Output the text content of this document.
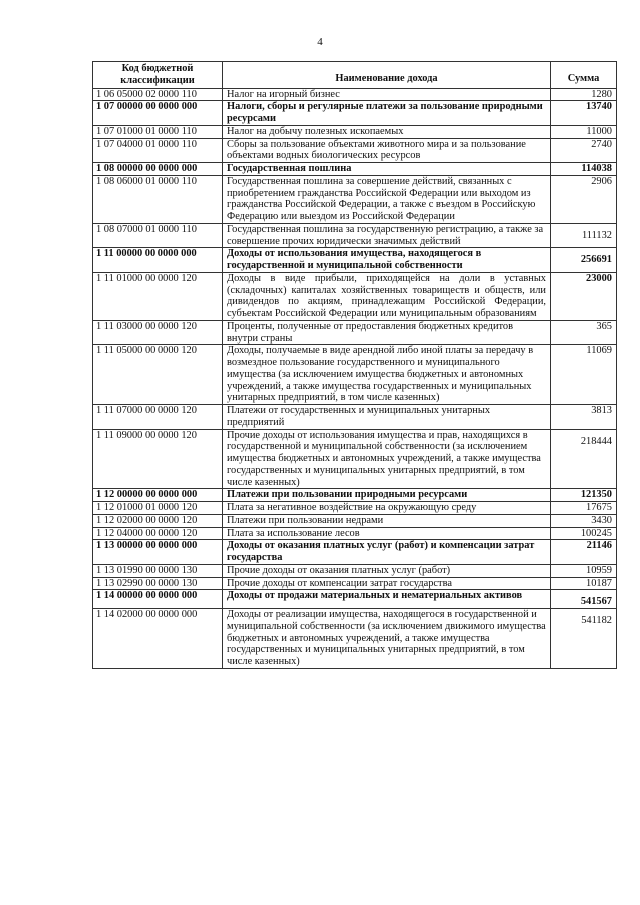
4
Код бюджетной классификации	Наименование дохода	Сумма
1 06 05000 02 0000 110	Налог на игорный бизнес	1280
1 07 00000 00 0000 000	Налоги, сборы и регулярные платежи за пользование природными ресурсами	13740
1 07 01000 01 0000 110	Налог на добычу полезных ископаемых	11000
1 07 04000 01 0000 110	Сборы за пользование объектами животного мира и за пользование объектами водных биологических ресурсов	2740
1 08 00000 00 0000 000	Государственная пошлина	114038
1 08 06000 01 0000 110	Государственная пошлина за совершение действий, связанных с приобретением гражданства Российской Федерации или выходом из гражданства Российской Федерации, а также с въездом в Российскую Федерацию или выездом из Российской Федерации	2906
1 08 07000 01 0000 110	Государственная пошлина за государственную регистрацию, а также за совершение прочих юридически значимых действий	111132
1 11 00000 00 0000 000	Доходы от использования имущества, находящегося в государственной и муниципальной собственности	256691
1 11 01000 00 0000 120	Доходы в виде прибыли, приходящейся на доли в уставных (складочных) капиталах хозяйственных товариществ и обществ, или дивидендов по акциям, принадлежащим Российской Федерации, субъектам Российской Федерации или муниципальным образованиям	23000
1 11 03000 00 0000 120	Проценты, полученные от предоставления бюджетных кредитов внутри страны	365
1 11 05000 00 0000 120	Доходы, получаемые в виде арендной либо иной платы за передачу в возмездное пользование государственного и муниципального имущества (за исключением имущества бюджетных и автономных учреждений, а также имущества государственных и муниципальных унитарных предприятий, в том числе казенных)	11069
1 11 07000 00 0000 120	Платежи от государственных и муниципальных унитарных предприятий	3813
1 11 09000 00 0000 120	Прочие доходы от использования имущества и прав, находящихся в государственной и муниципальной собственности (за исключением имущества бюджетных и автономных учреждений, а также имущества государственных и муниципальных унитарных предприятий, в том числе казенных)	218444
1 12 00000 00 0000 000	Платежи при пользовании природными ресурсами	121350
1 12 01000 01 0000 120	Плата за негативное воздействие на окружающую среду	17675
1 12 02000 00 0000 120	Платежи при пользовании недрами	3430
1 12 04000 00 0000 120	Плата за использование лесов	100245
1 13 00000 00 0000 000	Доходы от оказания платных услуг (работ) и компенсации затрат государства	21146
1 13 01990 00 0000 130	Прочие доходы от оказания платных услуг (работ)	10959
1 13 02990 00 0000 130	Прочие доходы от компенсации затрат государства	10187
1 14 00000 00 0000 000	Доходы от продажи материальных и нематериальных активов	541567
1 14 02000 00 0000 000	Доходы от реализации имущества, находящегося в государственной и муниципальной собственности (за исключением движимого имущества бюджетных и автономных учреждений, а также имущества государственных и муниципальных унитарных предприятий, в том числе казенных)	541182
